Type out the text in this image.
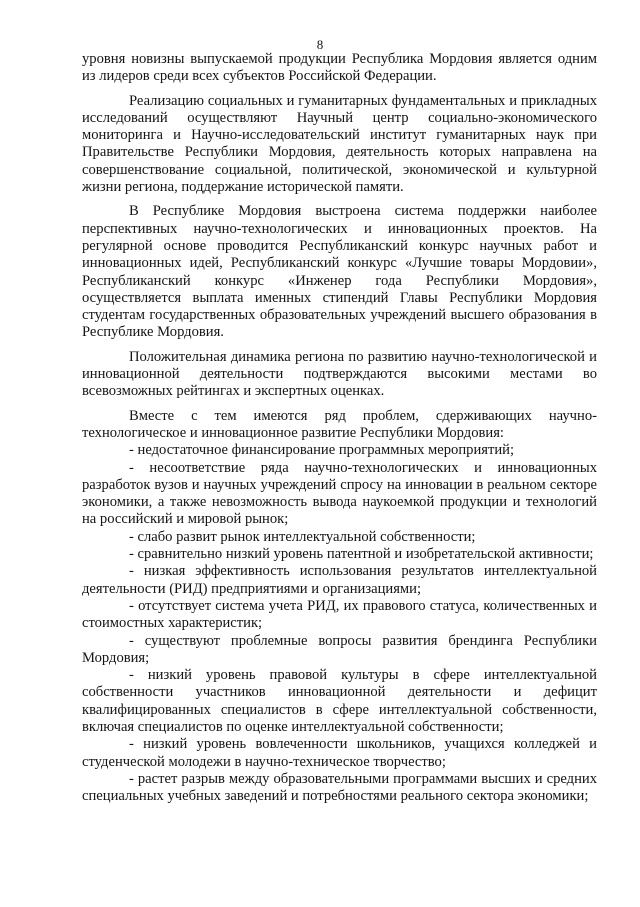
8

уровня новизны выпускаемой продукции Республика Мордовия является одним из лидеров среди всех субъектов Российской Федерации.

Реализацию социальных и гуманитарных фундаментальных и прикладных исследований осуществляют Научный центр социально-экономического мониторинга и Научно-исследовательский институт гуманитарных наук при Правительстве Республики Мордовия, деятельность которых направлена на совершенствование социальной, политической, экономической и культурной жизни региона, поддержание исторической памяти.

В Республике Мордовия выстроена система поддержки наиболее перспективных научно-технологических и инновационных проектов. На регулярной основе проводится Республиканский конкурс научных работ и инновационных идей, Республиканский конкурс «Лучшие товары Мордовии», Республиканский конкурс «Инженер года Республики Мордовия», осуществляется выплата именных стипендий Главы Республики Мордовия студентам государственных образовательных учреждений высшего образования в Республике Мордовия.

Положительная динамика региона по развитию научно-технологической и инновационной деятельности подтверждаются высокими местами во всевозможных рейтингах и экспертных оценках.

Вместе с тем имеются ряд проблем, сдерживающих научно-технологическое и инновационное развитие Республики Мордовия:

- недостаточное финансирование программных мероприятий;

- несоответствие ряда научно-технологических и инновационных разработок вузов и научных учреждений спросу на инновации в реальном секторе экономики, а также невозможность вывода наукоемкой продукции и технологий на российский и мировой рынок;

- слабо развит рынок интеллектуальной собственности;

- сравнительно низкий уровень патентной и изобретательской активности;

- низкая эффективность использования результатов интеллектуальной деятельности (РИД) предприятиями и организациями;

- отсутствует система учета РИД, их правового статуса, количественных и стоимостных характеристик;

- существуют проблемные вопросы развития брендинга Республики Мордовия;

- низкий уровень правовой культуры в сфере интеллектуальной собственности участников инновационной деятельности и дефицит квалифицированных специалистов в сфере интеллектуальной собственности, включая специалистов по оценке интеллектуальной собственности;

- низкий уровень вовлеченности школьников, учащихся колледжей и студенческой молодежи в научно-техническое творчество;

- растет разрыв между образовательными программами высших и средних специальных учебных заведений и потребностями реального сектора экономики;
